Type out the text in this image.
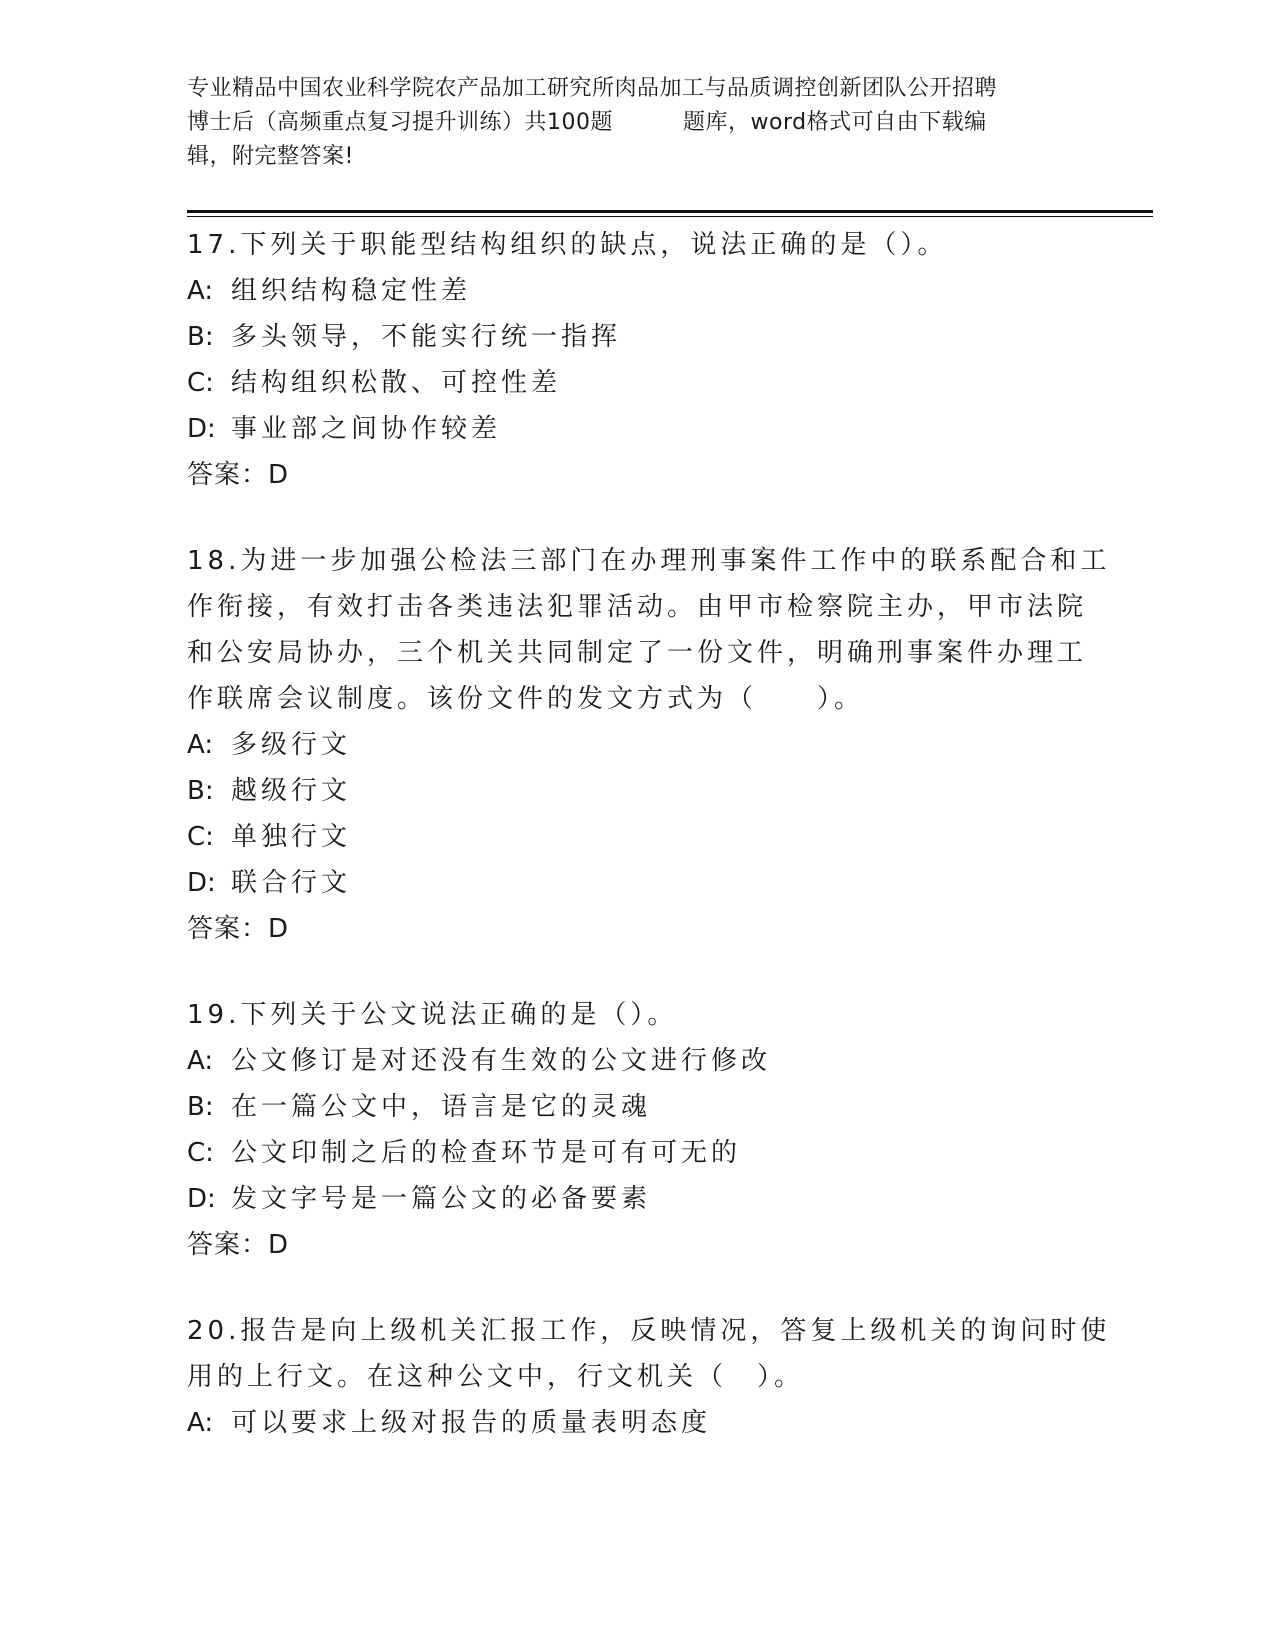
专业精品中国农业科学院农产品加工研究所肉品加工与品质调控创新团队公开招聘
博士后（高频重点复习提升训练）共100题	题库，word格式可自由下载编
辑，附完整答案!
17.下列关于职能型结构组织的缺点，说法正确的是（）。
A: 组织结构稳定性差
B: 多头领导，不能实行统一指挥
C: 结构组织松散、可控性差
D: 事业部之间协作较差
答案：D
18.为进一步加强公检法三部门在办理刑事案件工作中的联系配合和工
作衔接，有效打击各类违法犯罪活动。由甲市检察院主办，甲市法院
和公安局协办，三个机关共同制定了一份文件，明确刑事案件办理工
作联席会议制度。该份文件的发文方式为（　　）。
A: 多级行文
B: 越级行文
C: 单独行文
D: 联合行文
答案：D
19.下列关于公文说法正确的是（）。
A: 公文修订是对还没有生效的公文进行修改
B: 在一篇公文中，语言是它的灵魂
C: 公文印制之后的检查环节是可有可无的
D: 发文字号是一篇公文的必备要素
答案：D
20.报告是向上级机关汇报工作，反映情况，答复上级机关的询问时使
用的上行文。在这种公文中，行文机关（　）。
A: 可以要求上级对报告的质量表明态度
